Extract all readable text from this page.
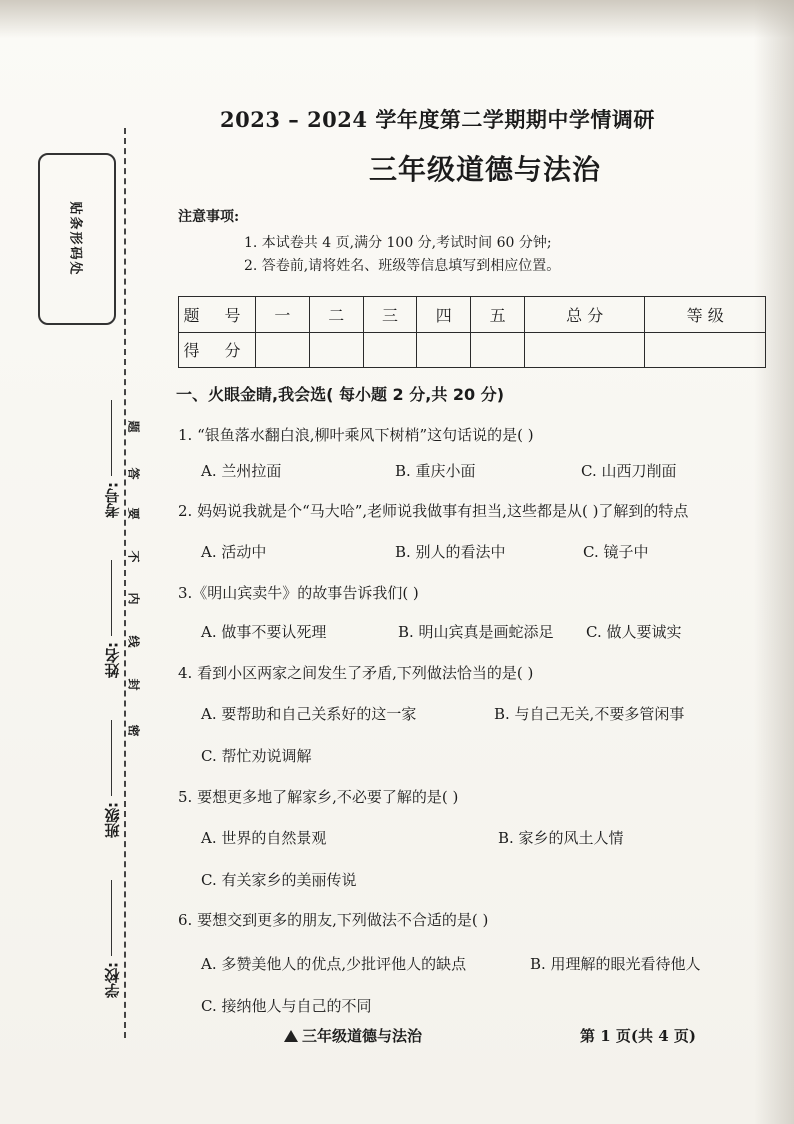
贴条形码处
考号:
姓名:
班级:
学校:
题
答
要
不
内
线
封
密
2023 – 2024 学年度第二学期期中学情调研
三年级道德与法治
注意事项:
1. 本试卷共 4 页,满分 100 分,考试时间 60 分钟;
2. 答卷前,请将姓名、班级等信息填写到相应位置。
题 号	一	二	三	四	五	总 分	等 级
得 分							
一、火眼金睛,我会选( 每小题 2 分,共 20 分)
1. “银鱼落水翻白浪,柳叶乘风下树梢”这句话说的是( )
A. 兰州拉面	B. 重庆小面	C. 山西刀削面
2. 妈妈说我就是个“马大哈”,老师说我做事有担当,这些都是从( )了解到的特点
A. 活动中	B. 别人的看法中	C. 镜子中
3.《明山宾卖牛》的故事告诉我们( )
A. 做事不要认死理	B. 明山宾真是画蛇添足 C. 做人要诚实
4. 看到小区两家之间发生了矛盾,下列做法恰当的是( )
A. 要帮助和自己关系好的这一家	B. 与自己无关,不要多管闲事
C. 帮忙劝说调解
5. 要想更多地了解家乡,不必要了解的是( )
A. 世界的自然景观	B. 家乡的风土人情
C. 有关家乡的美丽传说
6. 要想交到更多的朋友,下列做法不合适的是( )
A. 多赞美他人的优点,少批评他人的缺点	B. 用理解的眼光看待他人
C. 接纳他人与自己的不同
三年级道德与法治	第 1 页(共 4 页)
